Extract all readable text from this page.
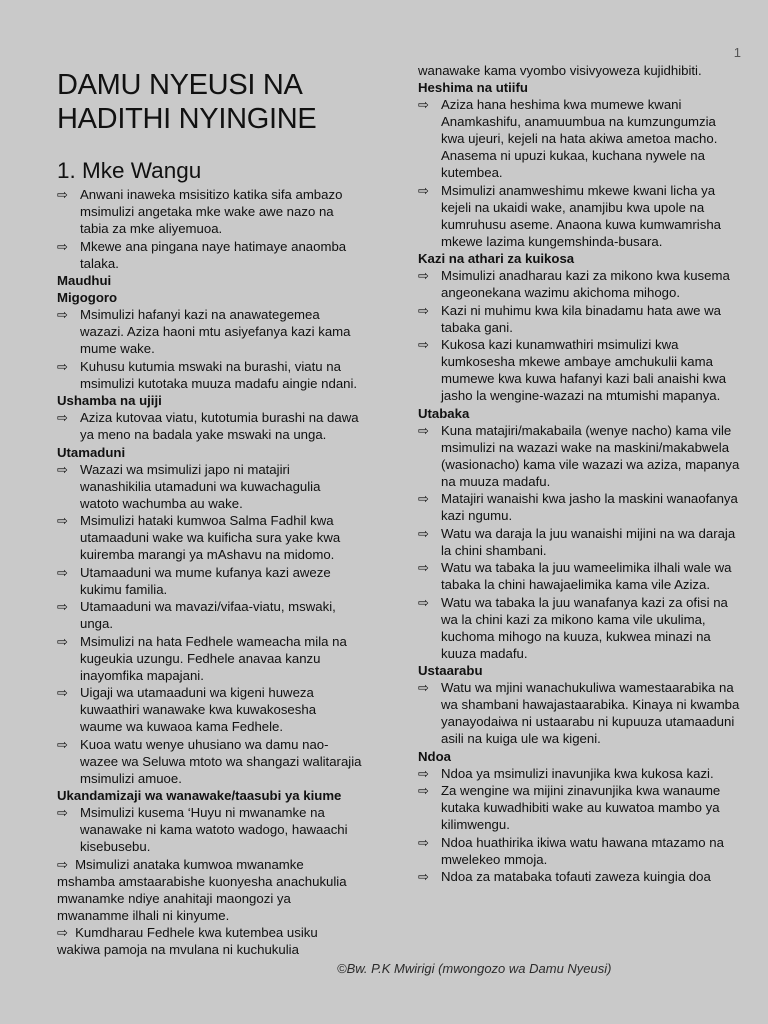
1
DAMU NYEUSI NA
HADITHI NYINGINE
1. Mke Wangu
⇨ Anwani inaweka msisitizo katika sifa ambazo msimulizi angetaka mke wake awe nazo na tabia za mke aliyemuoa.
⇨ Mkewe ana pingana naye hatimaye anaomba talaka.

Maudhui

Migogoro

⇨ Msimulizi hafanyi kazi na anawategemea wazazi. Aziza haoni mtu asiyefanya kazi kama mume wake.
⇨ Kuhusu kutumia mswaki na burashi, viatu na msimulizi kutotaka muuza madafu aingie ndani.

Ushamba na ujiji

⇨ Aziza kutovaa viatu, kutotumia burashi na dawa ya meno na badala yake mswaki na unga.

Utamaduni

⇨ Wazazi wa msimulizi japo ni matajiri wanashikilia utamaduni wa kuwachagulia watoto wachumba au wake.
⇨ Msimulizi hataki kumwoa Salma Fadhil kwa utamaaduni wake wa kuificha sura yake kwa kuiremba marangi ya mAshavu na midomo.
⇨ Utamaaduni wa mume kufanya kazi aweze kukimu familia.
⇨ Utamaaduni wa mavazi/vifaa-viatu, mswaki, unga.
⇨ Msimulizi na hata Fedhele wameacha mila na kugeukia uzungu. Fedhele anavaa kanzu inayomfika mapajani.
⇨ Uigaji wa utamaaduni wa kigeni huweza kuwaathiri wanawake kwa kuwakosesha waume wa kuwaoa kama Fedhele.
⇨ Kuoa watu wenye uhusiano wa damu nao-wazee wa Seluwa mtoto wa shangazi walitarajia msimulizi amuoe.

Ukandamizaji wa wanawake/taasubi ya kiume

⇨ Msimulizi kusema ‘Huyu ni mwanamke na wanawake ni kama watoto wadogo, hawaachi kisebusebu.

⇨ Msimulizi anataka kumwoa mwanamke mshamba amstaarabishe kuonyesha anachukulia mwanamke ndiye anahitaji maongozi ya mwanamme ilhali ni kinyume.

⇨ Kumdharau Fedhele kwa kutembea usiku wakiwa pamoja na mvulana ni kuchukulia

wanawake kama vyombo visivyoweza kujidhibiti.

Heshima na utiifu

⇨ Aziza hana heshima kwa mumewe kwani Anamkashifu, anamuumbua na kumzungumzia kwa ujeuri, kejeli na hata akiwa ametoa macho. Anasema ni upuzi kukaa, kuchana nywele na kutembea.
⇨ Msimulizi anamweshimu mkewe kwani licha ya kejeli na ukaidi wake, anamjibu kwa upole na kumruhusu aseme. Anaona kuwa kumwamrisha mkewe lazima kungemshinda-busara.

Kazi na athari za kuikosa

⇨ Msimulizi anadharau kazi za mikono kwa kusema angeonekana wazimu akichoma mihogo.
⇨ Kazi ni muhimu kwa kila binadamu hata awe wa tabaka gani.
⇨ Kukosa kazi kunamwathiri msimulizi kwa kumkosesha mkewe ambaye amchukulii kama mumewe kwa kuwa hafanyi kazi bali anaishi kwa jasho la wengine-wazazi na mtumishi mapanya.

Utabaka

⇨ Kuna matajiri/makabaila (wenye nacho) kama vile msimulizi na wazazi wake na maskini/makabwela (wasionacho) kama vile wazazi wa aziza, mapanya na muuza madafu.
⇨ Matajiri wanaishi kwa jasho la maskini wanaofanya kazi ngumu.
⇨ Watu wa daraja la juu wanaishi mijini na wa daraja la chini shambani.
⇨ Watu wa tabaka la juu wameelimika ilhali wale wa tabaka la chini hawajaelimika kama vile Aziza.
⇨ Watu wa tabaka la juu wanafanya kazi za ofisi na wa la chini kazi za mikono kama vile ukulima, kuchoma mihogo na kuuza, kukwea minazi na kuuza madafu.

Ustaarabu

⇨ Watu wa mjini wanachukuliwa wamestaarabika na wa shambani hawajastaarabika. Kinaya ni kwamba yanayodaiwa ni ustaarabu ni kupuuza utamaaduni asili na kuiga ule wa kigeni.

Ndoa

⇨ Ndoa ya msimulizi inavunjika kwa kukosa kazi.
⇨ Za wengine wa mijini zinavunjika kwa wanaume kutaka kuwadhibiti wake au kuwatoa mambo ya kilimwengu.
⇨ Ndoa huathirika ikiwa watu hawana mtazamo na mwelekeo mmoja.
⇨ Ndoa za matabaka tofauti zaweza kuingia doa
©Bw. P.K Mwirigi (mwongozo wa Damu Nyeusi)
